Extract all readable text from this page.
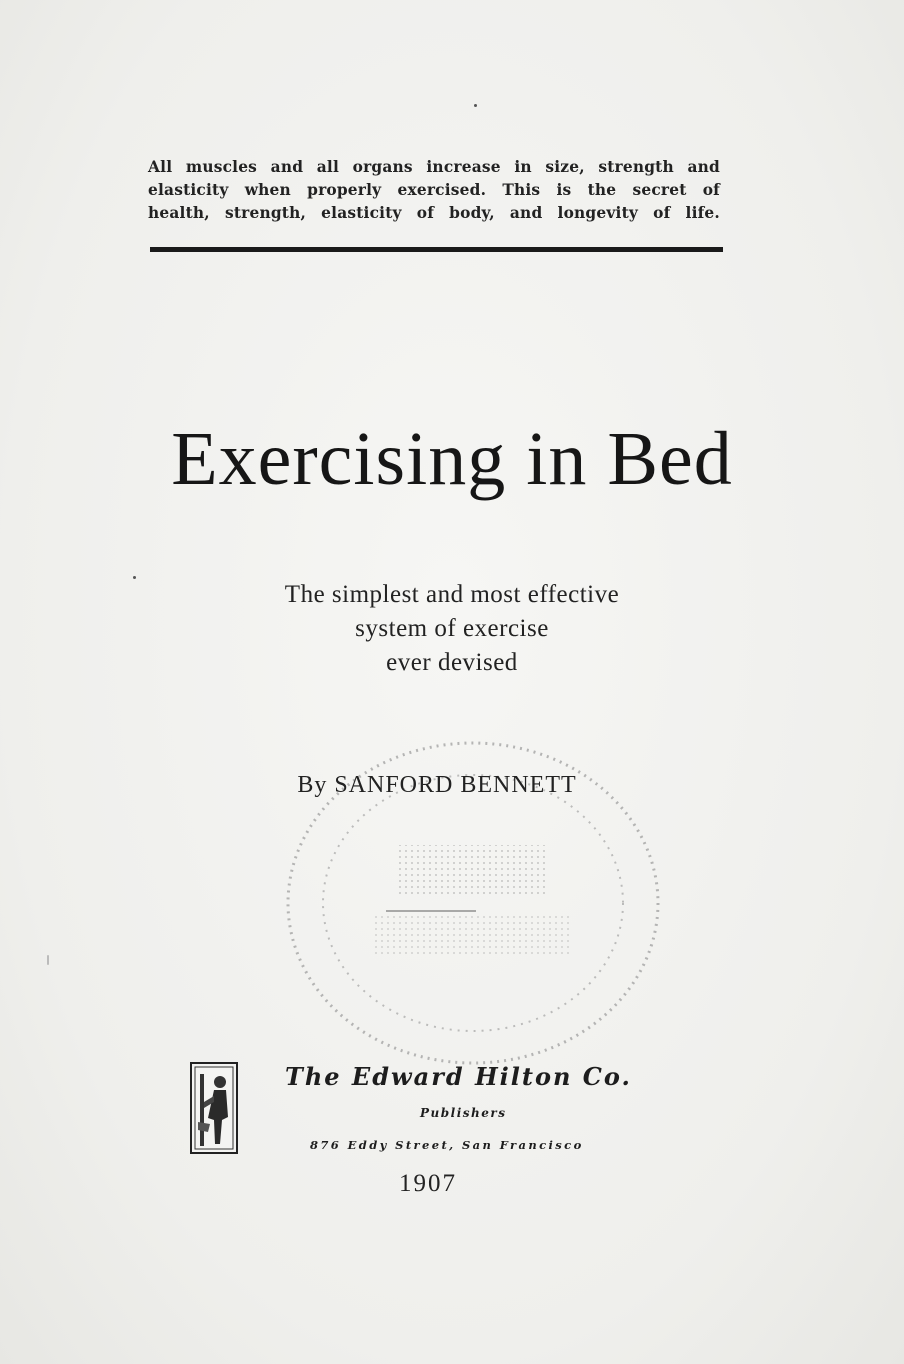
All muscles and all organs increase in size, strength and
elasticity when properly exercised. This is the secret of
health, strength, elasticity of body, and longevity of life.
Exercising in Bed
The simplest and most effective
system of exercise
ever devised
By SANFORD BENNETT
The Edward Hilton Co.
Publishers
876 Eddy Street, San Francisco
1907
